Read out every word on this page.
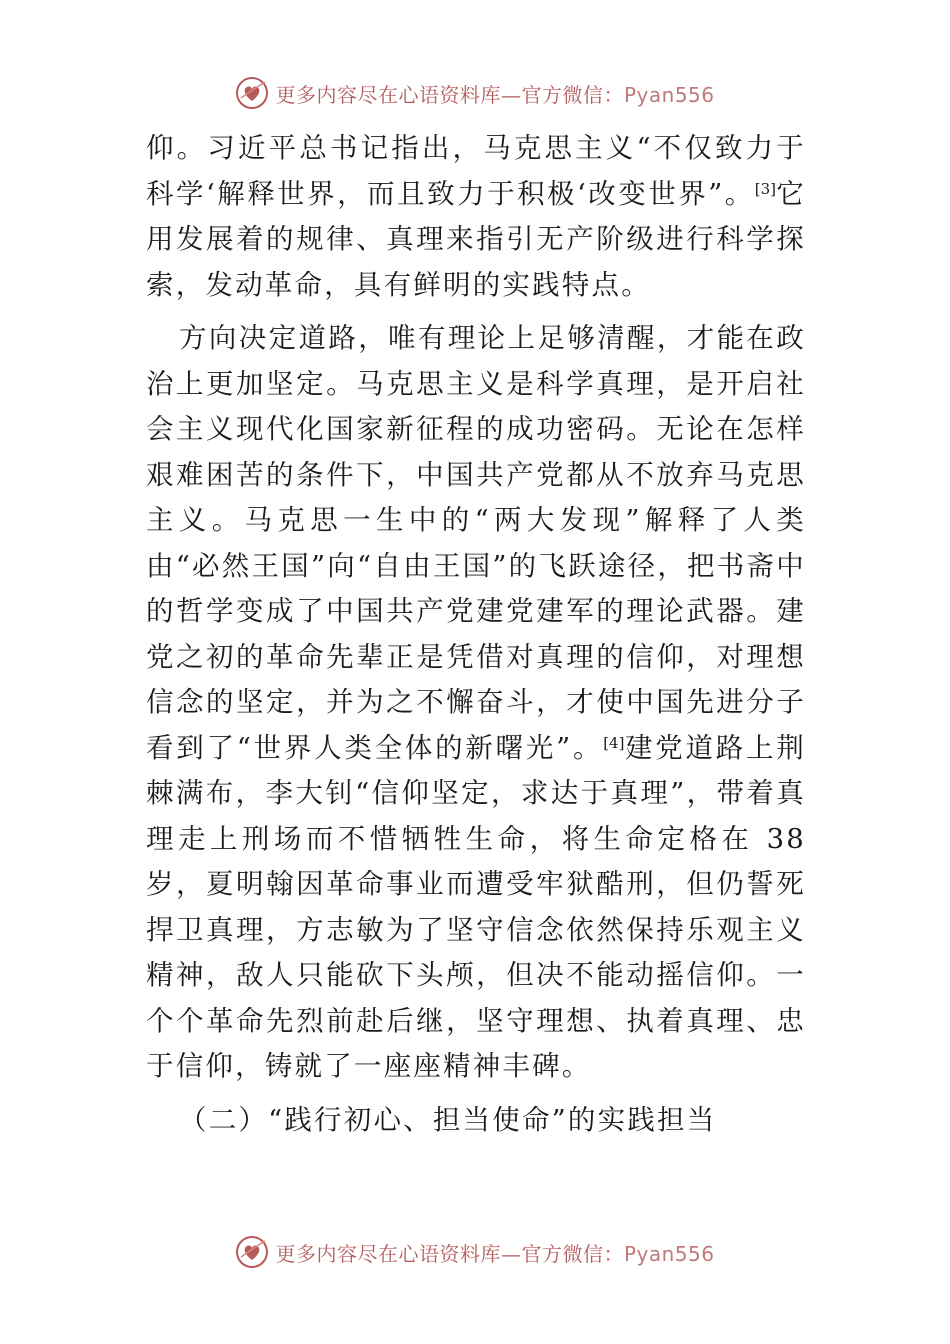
更多内容尽在心语资料库—官方微信：Pyan556

仰。习近平总书记指出，马克思主义“不仅致力于科学‘解释世界，而且致力于积极‘改变世界”。[3]它用发展着的规律、真理来指引无产阶级进行科学探索，发动革命，具有鲜明的实践特点。

方向决定道路，唯有理论上足够清醒，才能在政治上更加坚定。马克思主义是科学真理，是开启社会主义现代化国家新征程的成功密码。无论在怎样艰难困苦的条件下，中国共产党都从不放弃马克思主义。马克思一生中的“两大发现”解释了人类由“必然王国”向“自由王国”的飞跃途径，把书斋中的哲学变成了中国共产党建党建军的理论武器。建党之初的革命先辈正是凭借对真理的信仰，对理想信念的坚定，并为之不懈奋斗，才使中国先进分子看到了“世界人类全体的新曙光”。[4]建党道路上荆棘满布，李大钊“信仰坚定，求达于真理”，带着真理走上刑场而不惜牺牲生命，将生命定格在 38 岁，夏明翰因革命事业而遭受牢狱酷刑，但仍誓死捍卫真理，方志敏为了坚守信念依然保持乐观主义精神，敌人只能砍下头颅，但决不能动摇信仰。一个个革命先烈前赴后继，坚守理想、执着真理、忠于信仰，铸就了一座座精神丰碑。

（二）“践行初心、担当使命”的实践担当

更多内容尽在心语资料库—官方微信：Pyan556
